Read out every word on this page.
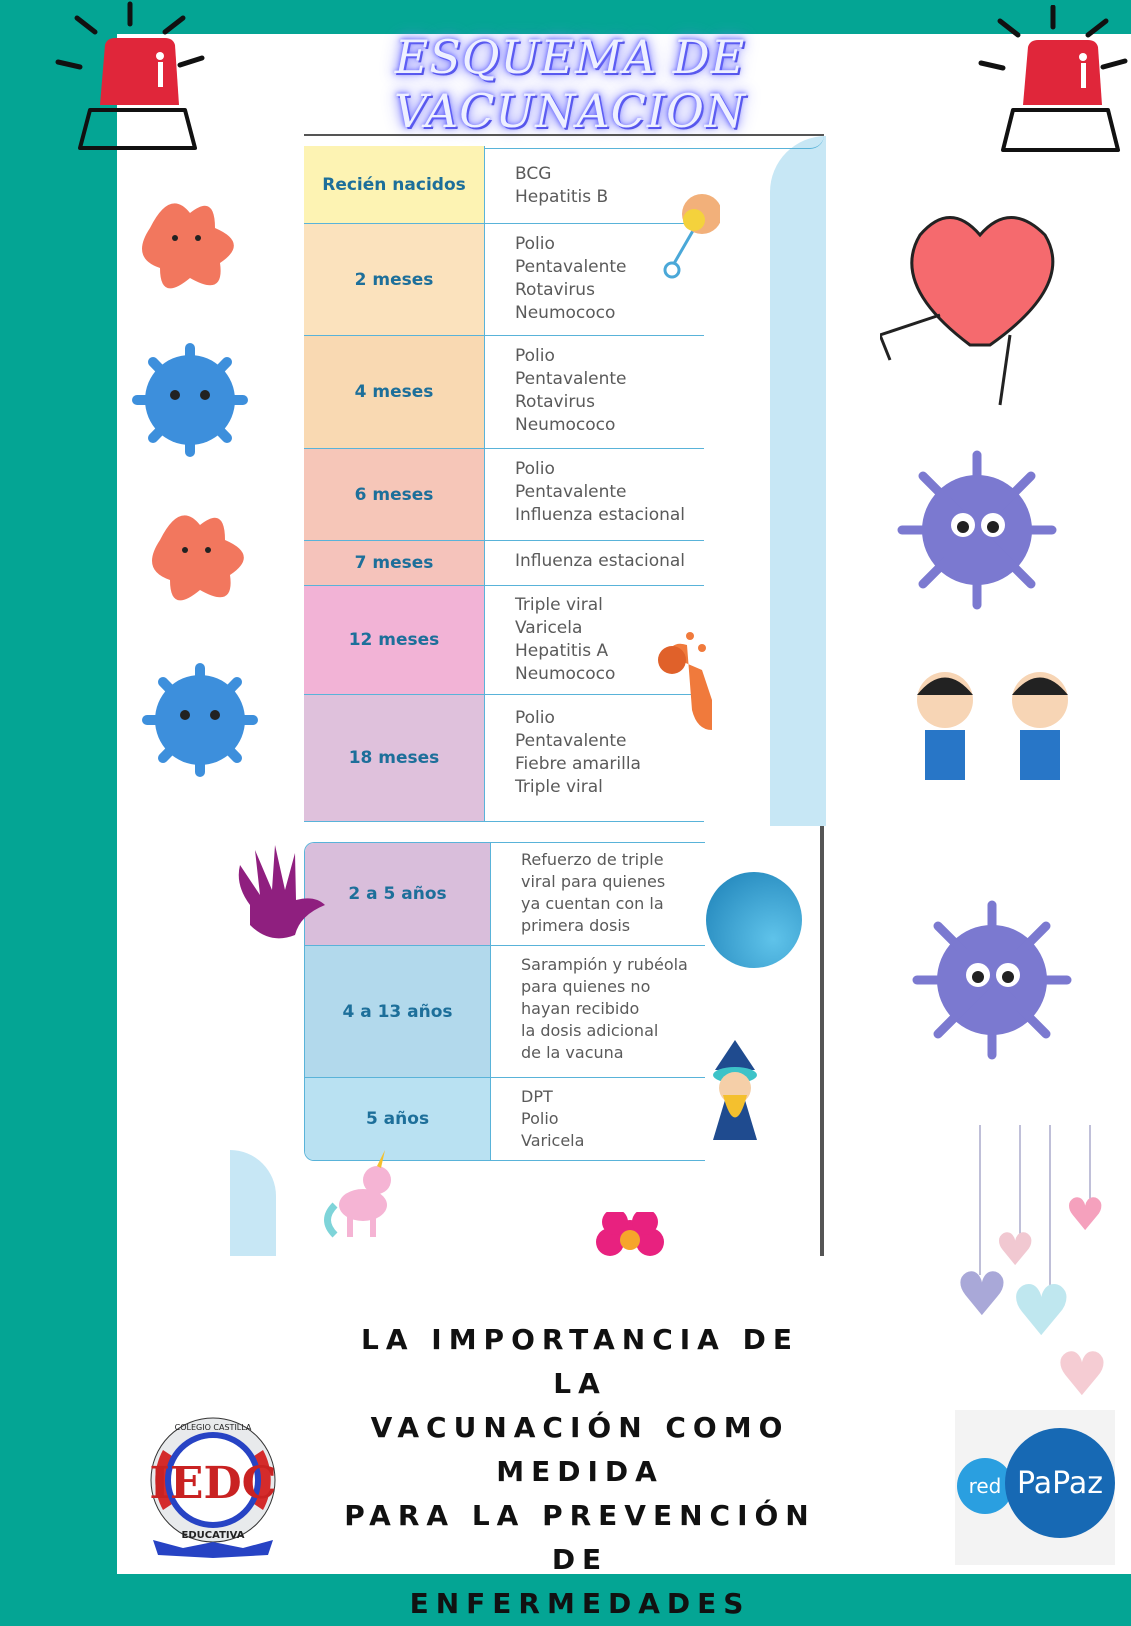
ESQUEMA DE
VACUNACION
Recién nacidos
BCG
Hepatitis B
2 meses
Polio
Pentavalente
Rotavirus
Neumococo
4 meses
Polio
Pentavalente
Rotavirus
Neumococo
6 meses
Polio
Pentavalente
Influenza estacional
7 meses	Influenza estacional
12 meses
Triple viral
Varicela
Hepatitis A
Neumococo
18 meses
Polio
Pentavalente
Fiebre amarilla
Triple viral
2 a 5 años
Refuerzo de triple
viral para quienes
ya cuentan con la
primera dosis
4 a 13 años
Sarampión y rubéola
para quienes no
hayan recibido
la dosis adicional
de la vacuna
5 años
DPT
Polio
Varicela
♥
♥
♥
♥
♥
LA IMPORTANCIA DE LA
VACUNACIÓN COMO MEDIDA
PARA LA PREVENCIÓN DE
ENFERMEDADES
IEDC
COLEGIO CASTILLA
EDUCATIVA
red PaPaz
